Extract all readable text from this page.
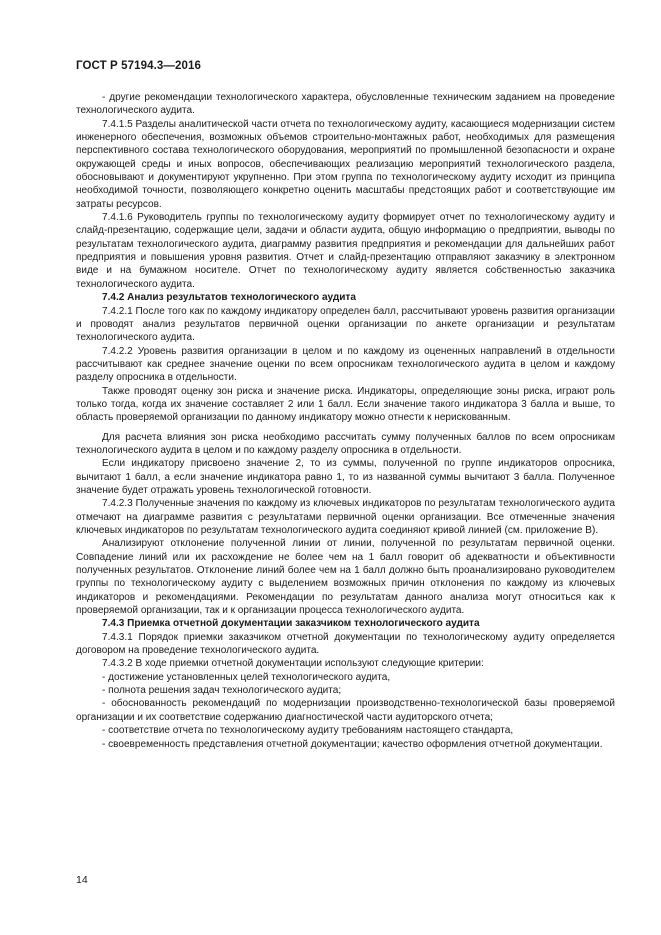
ГОСТ Р 57194.3—2016

- другие рекомендации технологического характера, обусловленные техническим заданием на проведение технологического аудита.

7.4.1.5 Разделы аналитической части отчета по технологическому аудиту, касающиеся модернизации систем инженерного обеспечения, возможных объемов строительно-монтажных работ, необходимых для размещения перспективного состава технологического оборудования, мероприятий по промышленной безопасности и охране окружающей среды и иных вопросов, обеспечивающих реализацию мероприятий технологического раздела, обосновывают и документируют укрупненно. При этом группа по технологическому аудиту исходит из принципа необходимой точности, позволяющего конкретно оценить масштабы предстоящих работ и соответствующие им затраты ресурсов.

7.4.1.6 Руководитель группы по технологическому аудиту формирует отчет по технологическому аудиту и слайд-презентацию, содержащие цели, задачи и области аудита, общую информацию о предприятии, выводы по результатам технологического аудита, диаграмму развития предприятия и рекомендации для дальнейших работ предприятия и повышения уровня развития. Отчет и слайд-презентацию отправляют заказчику в электронном виде и на бумажном носителе. Отчет по технологическому аудиту является собственностью заказчика технологического аудита.

7.4.2 Анализ результатов технологического аудита

7.4.2.1 После того как по каждому индикатору определен балл, рассчитывают уровень развития организации и проводят анализ результатов первичной оценки организации по анкете организации и результатам технологического аудита.

7.4.2.2 Уровень развития организации в целом и по каждому из оцененных направлений в отдельности рассчитывают как среднее значение оценки по всем опросникам технологического аудита в целом и каждому разделу опросника в отдельности.

Также проводят оценку зон риска и значение риска. Индикаторы, определяющие зоны риска, играют роль только тогда, когда их значение составляет 2 или 1 балл. Если значение такого индикатора 3 балла и выше, то область проверяемой организации по данному индикатору можно отнести к нерискованным.

Для расчета влияния зон риска необходимо рассчитать сумму полученных баллов по всем опросникам технологического аудита в целом и по каждому разделу опросника в отдельности.

Если индикатору присвоено значение 2, то из суммы, полученной по группе индикаторов опросника, вычитают 1 балл, а если значение индикатора равно 1, то из названной суммы вычитают 3 балла. Полученное значение будет отражать уровень технологической готовности.

7.4.2.3 Полученные значения по каждому из ключевых индикаторов по результатам технологического аудита отмечают на диаграмме развития с результатами первичной оценки организации. Все отмеченные значения ключевых индикаторов по результатам технологического аудита соединяют кривой линией (см. приложение В).

Анализируют отклонение полученной линии от линии, полученной по результатам первичной оценки. Совпадение линий или их расхождение не более чем на 1 балл говорит об адекватности и объективности полученных результатов. Отклонение линий более чем на 1 балл должно быть проанализировано руководителем группы по технологическому аудиту с выделением возможных причин отклонения по каждому из ключевых индикаторов и рекомендациями. Рекомендации по результатам данного анализа могут относиться как к проверяемой организации, так и к организации процесса технологического аудита.

7.4.3 Приемка отчетной документации заказчиком технологического аудита

7.4.3.1 Порядок приемки заказчиком отчетной документации по технологическому аудиту определяется договором на проведение технологического аудита.

7.4.3.2 В ходе приемки отчетной документации используют следующие критерии:

- достижение установленных целей технологического аудита,

- полнота решения задач технологического аудита;

- обоснованность рекомендаций по модернизации производственно-технологической базы проверяемой организации и их соответствие содержанию диагностической части аудиторского отчета;

- соответствие отчета по технологическому аудиту требованиям настоящего стандарта,

- своевременность представления отчетной документации; качество оформления отчетной документации.

14
